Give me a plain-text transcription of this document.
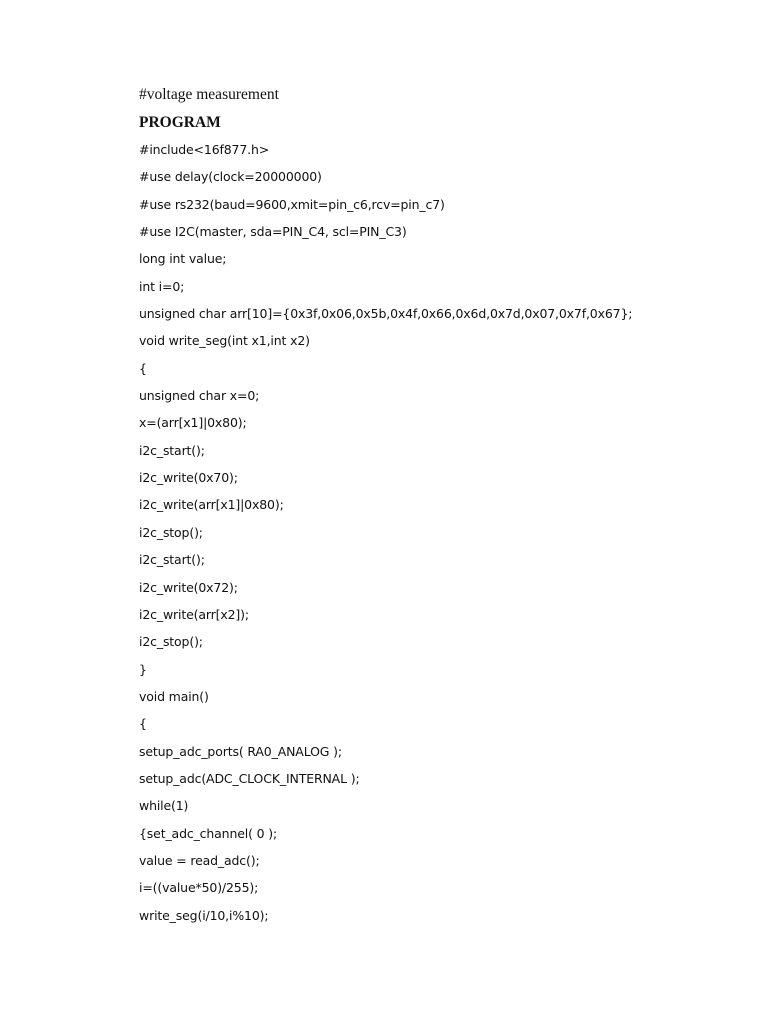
#voltage measurement

PROGRAM

#include<16f877.h>
#use delay(clock=20000000)
#use rs232(baud=9600,xmit=pin_c6,rcv=pin_c7)
#use I2C(master, sda=PIN_C4, scl=PIN_C3)
long int value;
int i=0;
unsigned char arr[10]={0x3f,0x06,0x5b,0x4f,0x66,0x6d,0x7d,0x07,0x7f,0x67};
void write_seg(int x1,int x2)
{
unsigned char x=0;
x=(arr[x1]|0x80);
i2c_start();
i2c_write(0x70);
i2c_write(arr[x1]|0x80);
i2c_stop();
i2c_start();
i2c_write(0x72);
i2c_write(arr[x2]);
i2c_stop();
}
void main()
{
setup_adc_ports( RA0_ANALOG );
setup_adc(ADC_CLOCK_INTERNAL );
while(1)
{set_adc_channel( 0 );
value = read_adc();
i=((value*50)/255);
write_seg(i/10,i%10);
